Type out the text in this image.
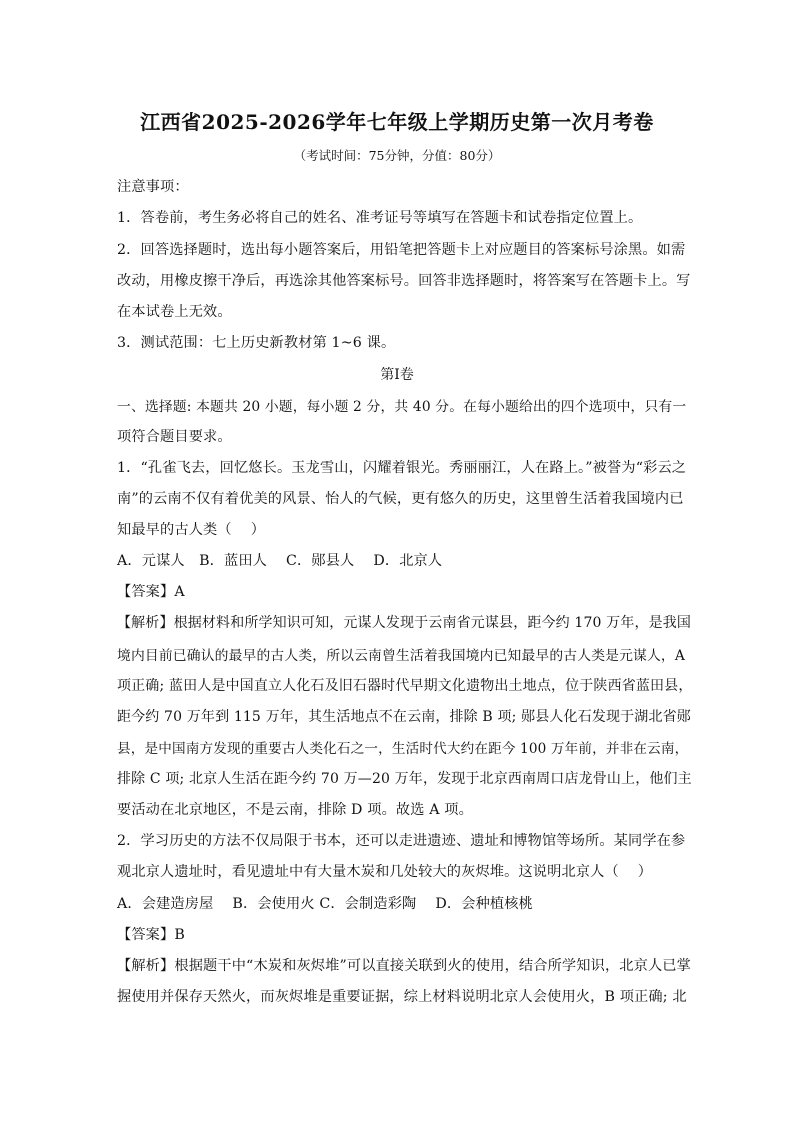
江西省2025-2026学年七年级上学期历史第一次月考卷
（考试时间：75分钟，分值：80分）
注意事项：
1．答卷前，考生务必将自己的姓名、准考证号等填写在答题卡和试卷指定位置上。
2．回答选择题时，选出每小题答案后，用铅笔把答题卡上对应题目的答案标号涂黑。如需
改动，用橡皮擦干净后，再选涂其他答案标号。回答非选择题时，将答案写在答题卡上。写
在本试卷上无效。
3．测试范围：七上历史新教材第 1~6 课。
第Ⅰ卷
一、选择题: 本题共 20 小题，每小题 2 分，共 40 分。在每小题给出的四个选项中，只有一
项符合题目要求。
1．“孔雀飞去，回忆悠长。玉龙雪山，闪耀着银光。秀丽丽江，人在路上。”被誉为“彩云之
南”的云南不仅有着优美的风景、怡人的气候，更有悠久的历史，这里曾生活着我国境内已
知最早的古人类（　 ）
A．元谋人　B．蓝田人　 C．郧县人　 D．北京人
【答案】A
【解析】根据材料和所学知识可知，元谋人发现于云南省元谋县，距今约 170 万年，是我国
境内目前已确认的最早的古人类，所以云南曾生活着我国境内已知最早的古人类是元谋人，A
项正确; 蓝田人是中国直立人化石及旧石器时代早期文化遗物出土地点，位于陕西省蓝田县，
距今约 70 万年到 115 万年，其生活地点不在云南，排除 B 项; 郧县人化石发现于湖北省郧
县，是中国南方发现的重要古人类化石之一，生活时代大约在距今 100 万年前，并非在云南，
排除 C 项; 北京人生活在距今约 70 万—20 万年，发现于北京西南周口店龙骨山上，他们主
要活动在北京地区，不是云南，排除 D 项。故选 A 项。
2．学习历史的方法不仅局限于书本，还可以走进遗迹、遗址和博物馆等场所。某同学在参
观北京人遗址时，看见遗址中有大量木炭和几处较大的灰烬堆。这说明北京人（　 ）
A．会建造房屋　 B．会使用火 C．会制造彩陶　 D．会种植核桃
【答案】B
【解析】根据题干中“木炭和灰烬堆”可以直接关联到火的使用，结合所学知识，北京人已掌
握使用并保存天然火，而灰烬堆是重要证据，综上材料说明北京人会使用火，B 项正确; 北
